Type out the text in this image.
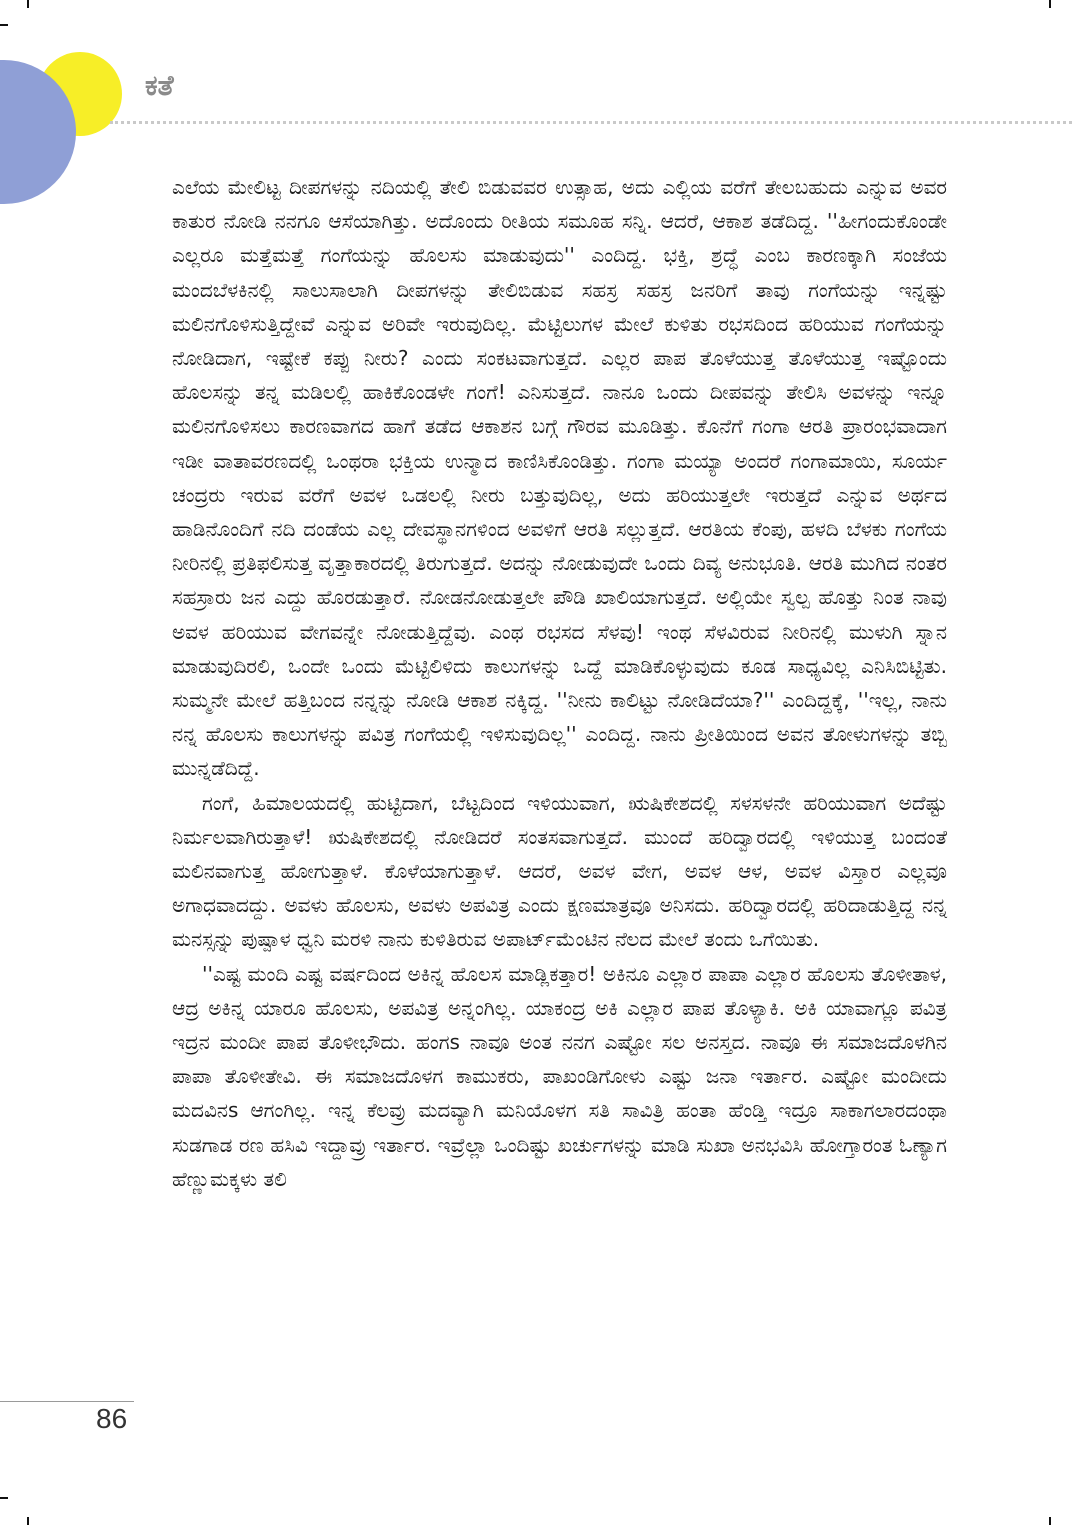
ಕತೆ

ಎಲೆಯ ಮೇಲಿಟ್ಟ ದೀಪಗಳನ್ನು ನದಿಯಲ್ಲಿ ತೇಲಿ ಬಿಡುವವರ ಉತ್ಸಾಹ, ಅದು ಎಲ್ಲಿಯ ವರೆಗೆ ತೇಲಬಹುದು ಎನ್ನುವ ಅವರ ಕಾತುರ ನೋಡಿ ನನಗೂ ಆಸೆಯಾಗಿತ್ತು. ಅದೊಂದು ರೀತಿಯ ಸಮೂಹ ಸನ್ನಿ. ಆದರೆ, ಆಕಾಶ ತಡೆದಿದ್ದ. ''ಹೀಗಂದುಕೊಂಡೇ ಎಲ್ಲರೂ ಮತ್ತೆಮತ್ತೆ ಗಂಗೆಯನ್ನು ಹೊಲಸು ಮಾಡುವುದು'' ಎಂದಿದ್ದ. ಭಕ್ತಿ, ಶ್ರದ್ಧೆ ಎಂಬ ಕಾರಣಕ್ಕಾಗಿ ಸಂಜೆಯ ಮಂದಬೆಳಕಿನಲ್ಲಿ ಸಾಲುಸಾಲಾಗಿ ದೀಪಗಳನ್ನು ತೇಲಿಬಿಡುವ ಸಹಸ್ರ ಸಹಸ್ರ ಜನರಿಗೆ ತಾವು ಗಂಗೆಯನ್ನು ಇನ್ನಷ್ಟು ಮಲಿನಗೊಳಿಸುತ್ತಿದ್ದೇವೆ ಎನ್ನುವ ಅರಿವೇ ಇರುವುದಿಲ್ಲ. ಮೆಟ್ಟಿಲುಗಳ ಮೇಲೆ ಕುಳಿತು ರಭಸದಿಂದ ಹರಿಯುವ ಗಂಗೆಯನ್ನು ನೋಡಿದಾಗ, ಇಷ್ಟೇಕೆ ಕಪ್ಪು ನೀರು? ಎಂದು ಸಂಕಟವಾಗುತ್ತದೆ. ಎಲ್ಲರ ಪಾಪ ತೊಳೆಯುತ್ತ ತೊಳೆಯುತ್ತ ಇಷ್ಟೊಂದು ಹೊಲಸನ್ನು ತನ್ನ ಮಡಿಲಲ್ಲಿ ಹಾಕಿಕೊಂಡಳೇ ಗಂಗೆ! ಎನಿಸುತ್ತದೆ. ನಾನೂ ಒಂದು ದೀಪವನ್ನು ತೇಲಿಸಿ ಅವಳನ್ನು ಇನ್ನೂ ಮಲಿನಗೊಳಿಸಲು ಕಾರಣವಾಗದ ಹಾಗೆ ತಡೆದ ಆಕಾಶನ ಬಗ್ಗೆ ಗೌರವ ಮೂಡಿತ್ತು. ಕೊನೆಗೆ ಗಂಗಾ ಆರತಿ ಪ್ರಾರಂಭವಾದಾಗ ಇಡೀ ವಾತಾವರಣದಲ್ಲಿ ಒಂಥರಾ ಭಕ್ತಿಯ ಉನ್ಮಾದ ಕಾಣಿಸಿಕೊಂಡಿತ್ತು. ಗಂಗಾ ಮಯ್ಯಾ ಅಂದರೆ ಗಂಗಾಮಾಯಿ, ಸೂರ್ಯ ಚಂದ್ರರು ಇರುವ ವರೆಗೆ ಅವಳ ಒಡಲಲ್ಲಿ ನೀರು ಬತ್ತುವುದಿಲ್ಲ, ಅದು ಹರಿಯುತ್ತಲೇ ಇರುತ್ತದೆ ಎನ್ನುವ ಅರ್ಥದ ಹಾಡಿನೊಂದಿಗೆ ನದಿ ದಂಡೆಯ ಎಲ್ಲ ದೇವಸ್ಥಾನಗಳಿಂದ ಅವಳಿಗೆ ಆರತಿ ಸಲ್ಲುತ್ತದೆ. ಆರತಿಯ ಕೆಂಪು, ಹಳದಿ ಬೆಳಕು ಗಂಗೆಯ ನೀರಿನಲ್ಲಿ ಪ್ರತಿಫಲಿಸುತ್ತ ವೃತ್ತಾಕಾರದಲ್ಲಿ ತಿರುಗುತ್ತದೆ. ಅದನ್ನು ನೋಡುವುದೇ ಒಂದು ದಿವ್ಯ ಅನುಭೂತಿ. ಆರತಿ ಮುಗಿದ ನಂತರ ಸಹಸ್ರಾರು ಜನ ಎದ್ದು ಹೊರಡುತ್ತಾರೆ. ನೋಡನೋಡುತ್ತಲೇ ಪೌಡಿ ಖಾಲಿಯಾಗುತ್ತದೆ. ಅಲ್ಲಿಯೇ ಸ್ವಲ್ಪ ಹೊತ್ತು ನಿಂತ ನಾವು ಅವಳ ಹರಿಯುವ ವೇಗವನ್ನೇ ನೋಡುತ್ತಿದ್ದೆವು. ಎಂಥ ರಭಸದ ಸೆಳವು! ಇಂಥ ಸೆಳವಿರುವ ನೀರಿನಲ್ಲಿ ಮುಳುಗಿ ಸ್ನಾನ ಮಾಡುವುದಿರಲಿ, ಒಂದೇ ಒಂದು ಮೆಟ್ಟಿಲಿಳಿದು ಕಾಲುಗಳನ್ನು ಒದ್ದೆ ಮಾಡಿಕೊಳ್ಳುವುದು ಕೂಡ ಸಾಧ್ಯವಿಲ್ಲ ಎನಿಸಿಬಿಟ್ಟಿತು. ಸುಮ್ಮನೇ ಮೇಲೆ ಹತ್ತಿಬಂದ ನನ್ನನ್ನು ನೋಡಿ ಆಕಾಶ ನಕ್ಕಿದ್ದ. ''ನೀನು ಕಾಲಿಟ್ಟು ನೋಡಿದೆಯಾ?'' ಎಂದಿದ್ದಕ್ಕೆ, ''ಇಲ್ಲ, ನಾನು ನನ್ನ ಹೊಲಸು ಕಾಲುಗಳನ್ನು ಪವಿತ್ರ ಗಂಗೆಯಲ್ಲಿ ಇಳಿಸುವುದಿಲ್ಲ'' ಎಂದಿದ್ದ. ನಾನು ಪ್ರೀತಿಯಿಂದ ಅವನ ತೋಳುಗಳನ್ನು ತಬ್ಬಿ ಮುನ್ನಡೆದಿದ್ದೆ.

ಗಂಗೆ, ಹಿಮಾಲಯದಲ್ಲಿ ಹುಟ್ಟಿದಾಗ, ಬೆಟ್ಟದಿಂದ ಇಳಿಯುವಾಗ, ಋಷಿಕೇಶದಲ್ಲಿ ಸಳಸಳನೇ ಹರಿಯುವಾಗ ಅದೆಷ್ಟು ನಿರ್ಮಲವಾಗಿರುತ್ತಾಳೆ! ಋಷಿಕೇಶದಲ್ಲಿ ನೋಡಿದರೆ ಸಂತಸವಾಗುತ್ತದೆ. ಮುಂದೆ ಹರಿದ್ವಾರದಲ್ಲಿ ಇಳಿಯುತ್ತ ಬಂದಂತೆ ಮಲಿನವಾಗುತ್ತ ಹೋಗುತ್ತಾಳೆ. ಕೊಳೆಯಾಗುತ್ತಾಳೆ. ಆದರೆ, ಅವಳ ವೇಗ, ಅವಳ ಆಳ, ಅವಳ ವಿಸ್ತಾರ ಎಲ್ಲವೂ ಅಗಾಧವಾದದ್ದು. ಅವಳು ಹೊಲಸು, ಅವಳು ಅಪವಿತ್ರ ಎಂದು ಕ್ಷಣಮಾತ್ರವೂ ಅನಿಸದು. ಹರಿದ್ವಾರದಲ್ಲಿ ಹರಿದಾಡುತ್ತಿದ್ದ ನನ್ನ ಮನಸ್ಸನ್ನು ಪುಷ್ಪಾಳ ಧ್ವನಿ ಮರಳಿ ನಾನು ಕುಳಿತಿರುವ ಅಪಾರ್ಟ್‌ಮೆಂಟಿನ ನೆಲದ ಮೇಲೆ ತಂದು ಒಗೆಯಿತು.

''ಎಷ್ಟ ಮಂದಿ ಎಷ್ಟ ವರ್ಷದಿಂದ ಅಕಿನ್ನ ಹೊಲಸ ಮಾಡ್ಲಿಕತ್ತಾರ! ಅಕಿನೂ ಎಲ್ಲಾರ ಪಾಪಾ ಎಲ್ಲಾರ ಹೊಲಸು ತೊಳೀತಾಳ, ಆದ್ರ ಅಕಿನ್ನ ಯಾರೂ ಹೊಲಸು, ಅಪವಿತ್ರ ಅನ್ನಂಗಿಲ್ಲ. ಯಾಕಂದ್ರ ಅಕಿ ಎಲ್ಲಾರ ಪಾಪ ತೊಳ್ಯಾಕಿ. ಅಕಿ ಯಾವಾಗ್ಲೂ ಪವಿತ್ರ ಇದ್ರನ ಮಂದೀ ಪಾಪ ತೊಳೀಭೌದು. ಹಂಗs ನಾವೂ ಅಂತ ನನಗ ಎಷ್ಟೋ ಸಲ ಅನಸ್ತದ. ನಾವೂ ಈ ಸಮಾಜದೊಳಗಿನ ಪಾಪಾ ತೊಳೀತೇವಿ. ಈ ಸಮಾಜದೊಳಗ ಕಾಮುಕರು, ಪಾಖಂಡಿಗೋಳು ಎಷ್ಟು ಜನಾ ಇರ್ತಾರ. ಎಷ್ಟೋ ಮಂದೀದು ಮದವಿನs ಆಗಂಗಿಲ್ಲ. ಇನ್ನ ಕೆಲವ್ರು ಮದವ್ಯಾಗಿ ಮನಿಯೊಳಗ ಸತಿ ಸಾವಿತ್ರಿ ಹಂತಾ ಹೆಂಡ್ತಿ ಇದ್ರೂ ಸಾಕಾಗಲಾರದಂಥಾ ಸುಡಗಾಡ ರಣ ಹಸಿವಿ ಇದ್ದಾವ್ರು ಇರ್ತಾರ. ಇವ್ರೆಲ್ಲಾ ಒಂದಿಷ್ಟು ಖರ್ಚುಗಳನ್ನು ಮಾಡಿ ಸುಖಾ ಅನಭವಿಸಿ ಹೋಗ್ತಾರಂತ ಓಣ್ಯಾಗ ಹೆಣ್ಣುಮಕ್ಕಳು ತಲಿ

86
